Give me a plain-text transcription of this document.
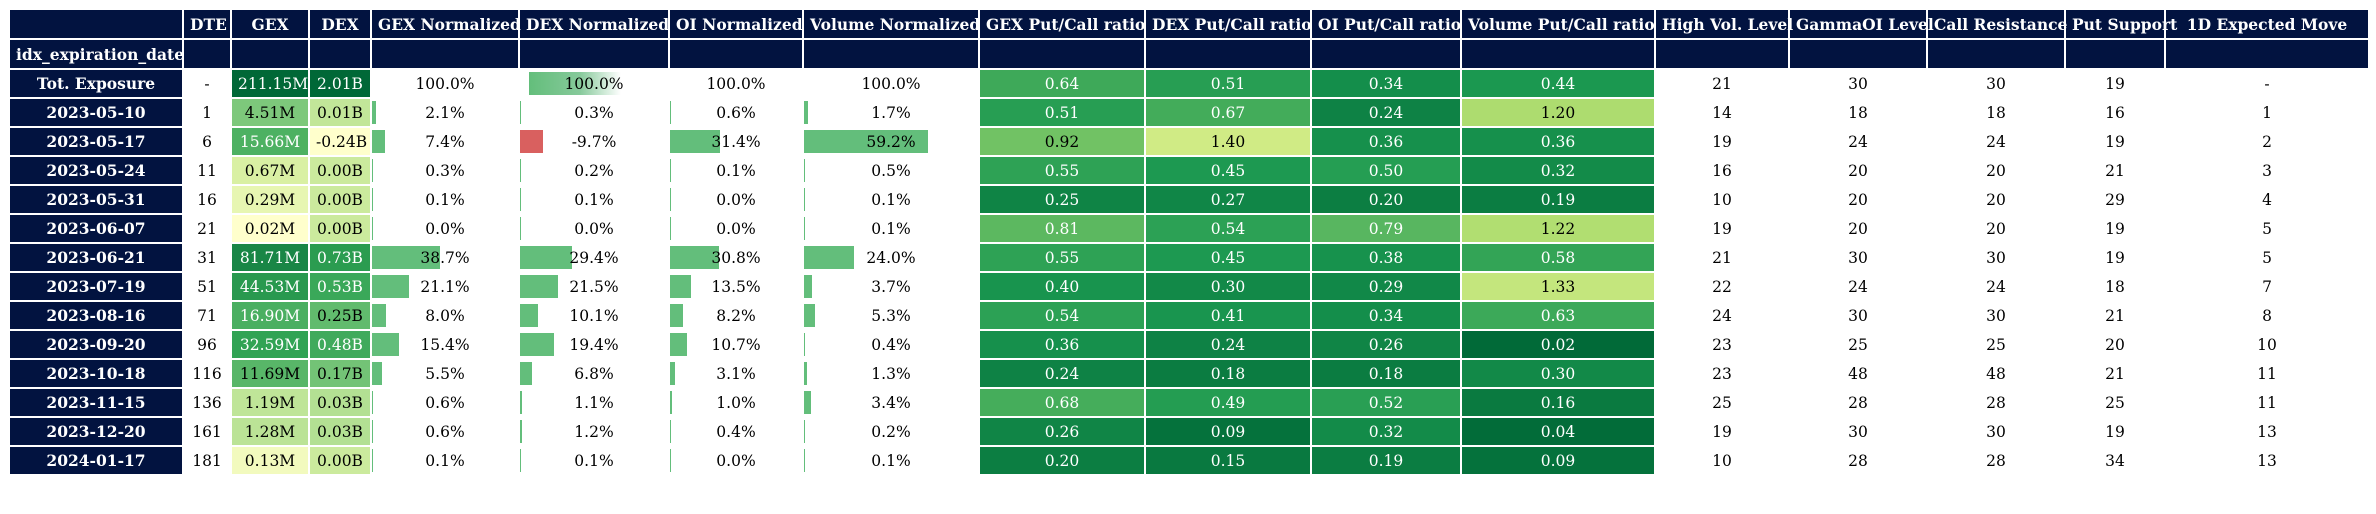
	DTE	GEX	DEX	GEX Normalized	DEX Normalized	OI Normalized	Volume Normalized	GEX Put/Call ratio	DEX Put/Call ratio	OI Put/Call ratio	Volume Put/Call ratio	High Vol. Level	GammaOI Level	Call Resistance	Put Support	1D Expected Move
idx_expiration_date																
Tot. Exposure	-	211.15M	2.01B	100.0%	100.0%	100.0%	100.0%	0.64	0.51	0.34	0.44	21	30	30	19	-
2023-05-10	1	4.51M	0.01B	2.1%	0.3%	0.6%	1.7%	0.51	0.67	0.24	1.20	14	18	18	16	1
2023-05-17	6	15.66M	-0.24B	7.4%	-9.7%	31.4%	59.2%	0.92	1.40	0.36	0.36	19	24	24	19	2
2023-05-24	11	0.67M	0.00B	0.3%	0.2%	0.1%	0.5%	0.55	0.45	0.50	0.32	16	20	20	21	3
2023-05-31	16	0.29M	0.00B	0.1%	0.1%	0.0%	0.1%	0.25	0.27	0.20	0.19	10	20	20	29	4
2023-06-07	21	0.02M	0.00B	0.0%	0.0%	0.0%	0.1%	0.81	0.54	0.79	1.22	19	20	20	19	5
2023-06-21	31	81.71M	0.73B	38.7%	29.4%	30.8%	24.0%	0.55	0.45	0.38	0.58	21	30	30	19	5
2023-07-19	51	44.53M	0.53B	21.1%	21.5%	13.5%	3.7%	0.40	0.30	0.29	1.33	22	24	24	18	7
2023-08-16	71	16.90M	0.25B	8.0%	10.1%	8.2%	5.3%	0.54	0.41	0.34	0.63	24	30	30	21	8
2023-09-20	96	32.59M	0.48B	15.4%	19.4%	10.7%	0.4%	0.36	0.24	0.26	0.02	23	25	25	20	10
2023-10-18	116	11.69M	0.17B	5.5%	6.8%	3.1%	1.3%	0.24	0.18	0.18	0.30	23	48	48	21	11
2023-11-15	136	1.19M	0.03B	0.6%	1.1%	1.0%	3.4%	0.68	0.49	0.52	0.16	25	28	28	25	11
2023-12-20	161	1.28M	0.03B	0.6%	1.2%	0.4%	0.2%	0.26	0.09	0.32	0.04	19	30	30	19	13
2024-01-17	181	0.13M	0.00B	0.1%	0.1%	0.0%	0.1%	0.20	0.15	0.19	0.09	10	28	28	34	13
